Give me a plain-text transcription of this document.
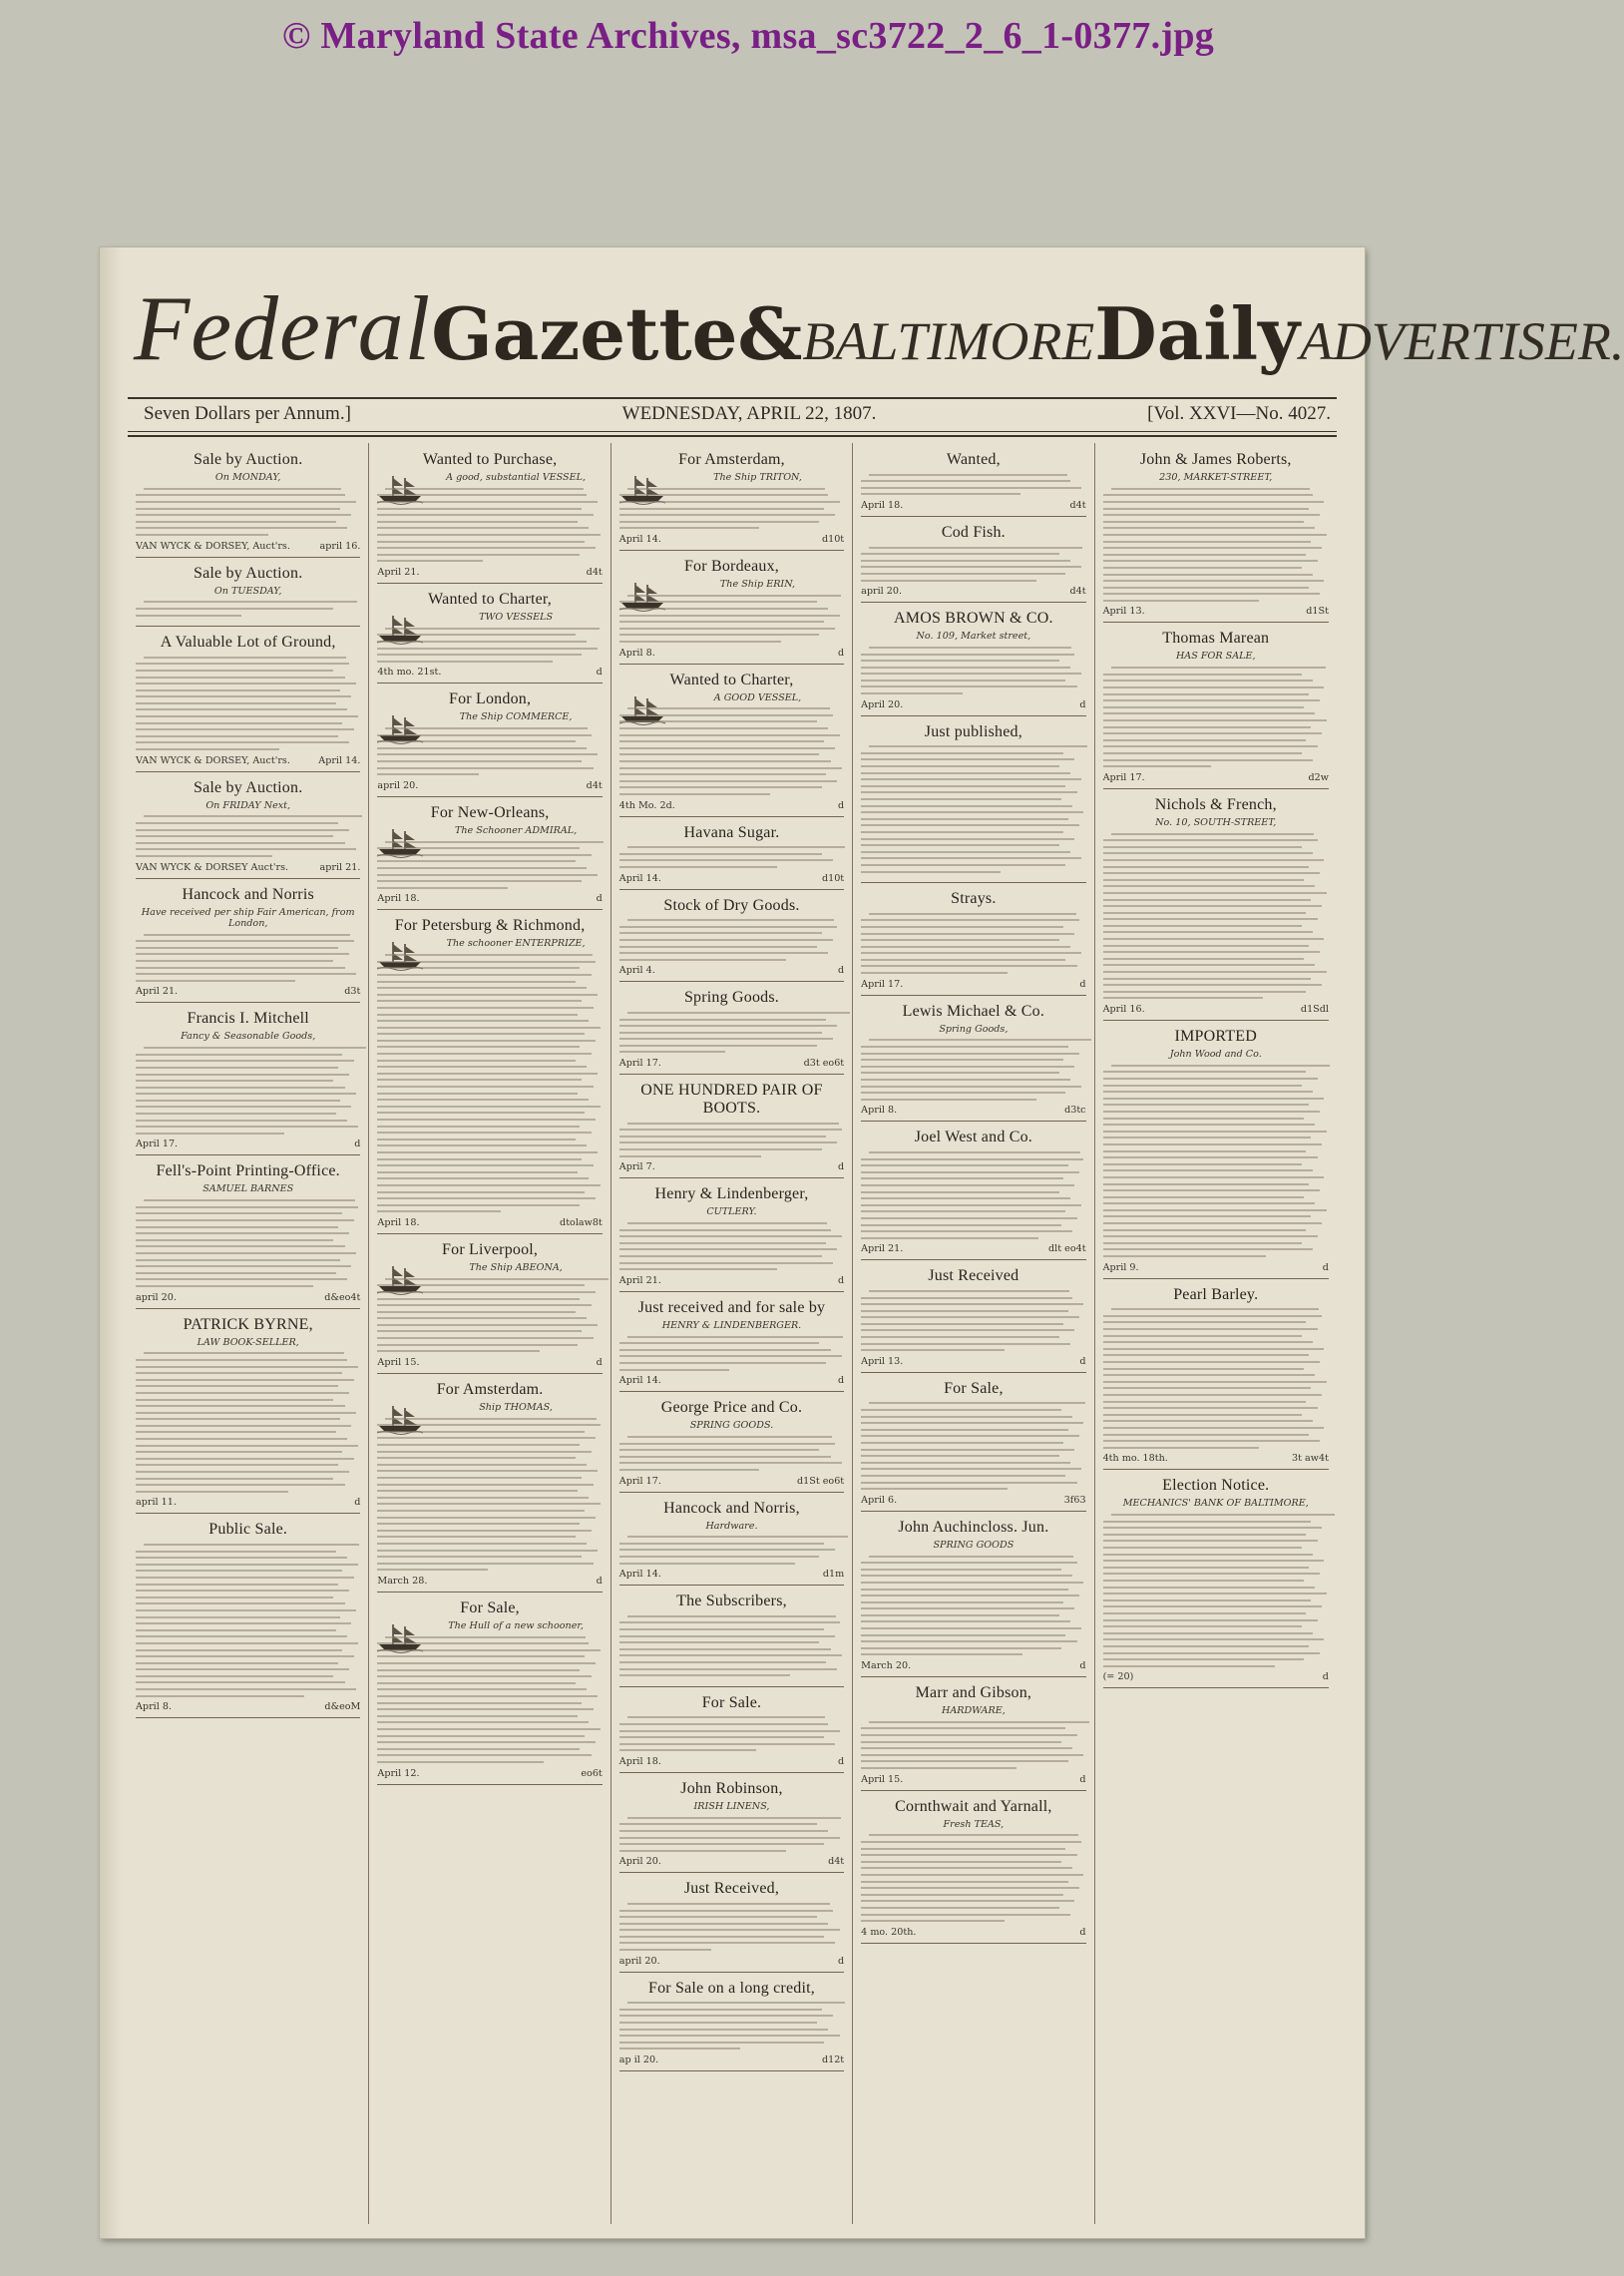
© Maryland State Archives, msa_sc3722_2_6_1-0377.jpg
Federal Gazette& BALTIMORE Daily ADVERTISER.
Seven Dollars per Annum.]	WEDNESDAY, APRIL 22, 1807.	[Vol. XXVI—No. 4027.
Sale by Auction.

On MONDAY,

VAN WYCK & DORSEY, Auct'rs.	april 16.
Sale by Auction.

On TUESDAY,

A Valuable Lot of Ground,
VAN WYCK & DORSEY, Auct'rs.	April 14.
Sale by Auction.

On FRIDAY Next,

VAN WYCK & DORSEY Auct'rs.	april 21.
Hancock and Norris

Have received per ship Fair American, from London,

April 21.	d3t
Francis I. Mitchell

Fancy & Seasonable Goods,

April 17.	d
Fell's-Point Printing-Office.

SAMUEL BARNES

april 20.	d&eo4t
PATRICK BYRNE,

LAW BOOK-SELLER,

april 11.	d
Public Sale.
April 8.	d&eoM
Wanted to Purchase,

A good, substantial VESSEL,

April 21.	d4t
Wanted to Charter,

TWO VESSELS

4th mo. 21st.	d
For London,

The Ship COMMERCE,

april 20.	d4t
For New-Orleans,

The Schooner ADMIRAL,

April 18.	d
For Petersburg & Richmond,

The schooner ENTERPRIZE,

April 18.	dtolaw8t
For Liverpool,

The Ship ABEONA,

April 15.	d
For Amsterdam.

Ship THOMAS,

March 28.	d
For Sale,

The Hull of a new schooner,

April 12.	eo6t
For Amsterdam,

The Ship TRITON,

April 14.	d10t
For Bordeaux,

The Ship ERIN,

April 8.	d
Wanted to Charter,

A GOOD VESSEL,

4th Mo. 2d.	d
Havana Sugar.
April 14.	d10t
Stock of Dry Goods.
April 4.	d
Spring Goods.
April 17.	d3t eo6t
ONE HUNDRED PAIR OF BOOTS.
April 7.	d
Henry & Lindenberger,

CUTLERY.

April 21.	d
Just received and for sale by

HENRY & LINDENBERGER.

April 14.	d
George Price and Co.

SPRING GOODS.

April 17.	d1St eo6t
Hancock and Norris,

Hardware.

April 14.	d1m
The Subscribers,
For Sale.
April 18.	d
John Robinson,

IRISH LINENS,

April 20.	d4t
Just Received,
april 20.	d
For Sale on a long credit,
ap il 20.	d12t
Wanted,
April 18.	d4t
Cod Fish.
april 20.	d4t
AMOS BROWN & CO.

No. 109, Market street,

April 20.	d
Just published,
Strays.
April 17.	d
Lewis Michael & Co.

Spring Goods,

April 8.	d3tc
Joel West and Co.
April 21.	dlt eo4t
Just Received
April 13.	d
For Sale,
April 6.	3f63
John Auchincloss. Jun.

SPRING GOODS

March 20.	d
Marr and Gibson,

HARDWARE,

April 15.	d
Cornthwait and Yarnall,

Fresh TEAS,

4 mo. 20th.	d
John & James Roberts,

230, MARKET-STREET,

April 13.	d1St
Thomas Marean

HAS FOR SALE,

April 17.	d2w
Nichols & French,

No. 10, SOUTH-STREET,

April 16.	d1Sdl
IMPORTED

John Wood and Co.

April 9.	d
Pearl Barley.
4th mo. 18th.	3t aw4t
Election Notice.

MECHANICS' BANK OF BALTIMORE,

(= 20)	d
